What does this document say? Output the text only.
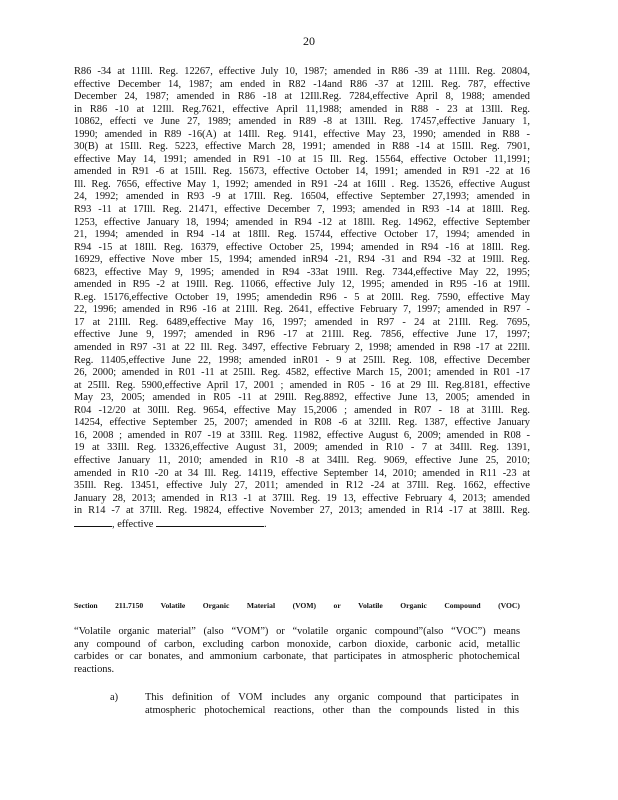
20
R86 -34 at 11Ill. Reg. 12267, effective July 10, 1987; amended in R86 -39 at 11Ill. Reg. 20804,
effective December 14, 1987; am ended in R82 -14and R86 -37 at 12Ill. Reg. 787, effective
December 24, 1987; amended in R86 -18 at 12Ill.Reg. 7284,effective April 8, 1988; amended
in R86 -10 at 12Ill. Reg.7621, effective April 11,1988; amended in R88 - 23 at 13Ill. Reg.
10862, effecti ve June 27, 1989; amended in R89 -8 at 13Ill. Reg. 17457,effective January 1,
1990; amended in R89 -16(A) at 14Ill. Reg. 9141, effective May 23, 1990; amended in R88 -
30(B) at 15Ill. Reg. 5223, effective March 28, 1991; amended in R88 -14 at 15Ill. Reg. 7901,
effective May 14, 1991; amended in R91 -10 at 15 Ill. Reg. 15564, effective October 11,1991;
amended in R91 -6 at 15Ill. Reg. 15673, effective October 14, 1991; amended in R91 -22 at 16
Ill. Reg. 7656, effective May 1, 1992; amended in R91 -24 at 16Ill . Reg. 13526, effective August
24, 1992; amended in R93 -9 at 17Ill. Reg. 16504, effective September 27,1993; amended in
R93 -11 at 17Ill. Reg. 21471, effective December 7, 1993; amended in R93 -14 at 18Ill. Reg.
1253, effective January 18, 1994; amended in R94 -12 at 18Ill. Reg. 14962, effective September
21, 1994; amended in R94 -14 at 18Ill. Reg. 15744, effective October 17, 1994; amended in
R94 -15 at 18Ill. Reg. 16379, effective October 25, 1994; amended in R94 -16 at 18Ill. Reg.
16929, effective Nove mber 15, 1994; amended inR94 -21, R94 -31 and R94 -32 at 19Ill. Reg.
6823, effective May 9, 1995; amended in R94 -33at 19Ill. Reg. 7344,effective May 22, 1995;
amended in R95 -2 at 19Ill. Reg. 11066, effective July 12, 1995; amended in R95 -16 at 19Ill.
R.eg. 15176,effective October 19, 1995; amendedin R96 - 5 at 20Ill. Reg. 7590, effective May
22, 1996; amended in R96 -16 at 21Ill. Reg. 2641, effective February 7, 1997; amended in R97 -
17 at 21Ill. Reg. 6489,effective May 16, 1997; amended in R97 - 24 at 21Ill. Reg. 7695,
effective June 9, 1997; amended in R96 -17 at 21Ill. Reg. 7856, effective June 17, 1997;
amended in R97 -31 at 22 Ill. Reg. 3497, effective February 2, 1998; amended in R98 -17 at 22Ill.
Reg. 11405,effective June 22, 1998; amended inR01 - 9 at 25Ill. Reg. 108, effective December
26, 2000; amended in R01 -11 at 25Ill. Reg. 4582, effective March 15, 2001; amended in R01 -17
at 25Ill. Reg. 5900,effective April 17, 2001 ; amended in R05 - 16 at 29 Ill. Reg.8181, effective
May 23, 2005; amended in R05 -11 at 29Ill. Reg.8892, effective June 13, 2005; amended in
R04 -12/20 at 30Ill. Reg. 9654, effective May 15,2006 ; amended in R07 - 18 at 31Ill. Reg.
14254, effective September 25, 2007; amended in R08 -6 at 32Ill. Reg. 1387, effective January
16, 2008 ; amended in R07 -19 at 33Ill. Reg. 11982, effective August 6, 2009; amended in R08 -
19 at 33Ill. Reg. 13326,effective August 31, 2009; amended in R10 - 7 at 34Ill. Reg. 1391,
effective January 11, 2010; amended in R10 -8 at 34Ill. Reg. 9069, effective June 25, 2010;
amended in R10 -20 at 34 Ill. Reg. 14119, effective September 14, 2010; amended in R11 -23 at
35Ill. Reg. 13451, effective July 27, 2011; amended in R12 -24 at 37Ill. Reg. 1662, effective
January 28, 2013; amended in R13 -1 at 37Ill. Reg. 19 13, effective February 4, 2013; amended
in R14 -7 at 37Ill. Reg. 19824, effective November 27, 2013; amended in R14 -17 at 38Ill. Reg.
, effective	.
Section 211.7150 Volatile Organic Material (VOM) or Volatile Organic Compound (VOC)
“Volatile organic material” (also “VOM”) or “volatile organic compound”(also “VOC”) means
any compound of carbon, excluding carbon monoxide, carbon dioxide, carbonic acid, metallic
carbides or car bonates, and ammonium carbonate, that participates in atmospheric photochemical
reactions.
a)	This definition of VOM includes any organic compound that participates in
atmospheric photochemical reactions, other than the compounds listed in this
